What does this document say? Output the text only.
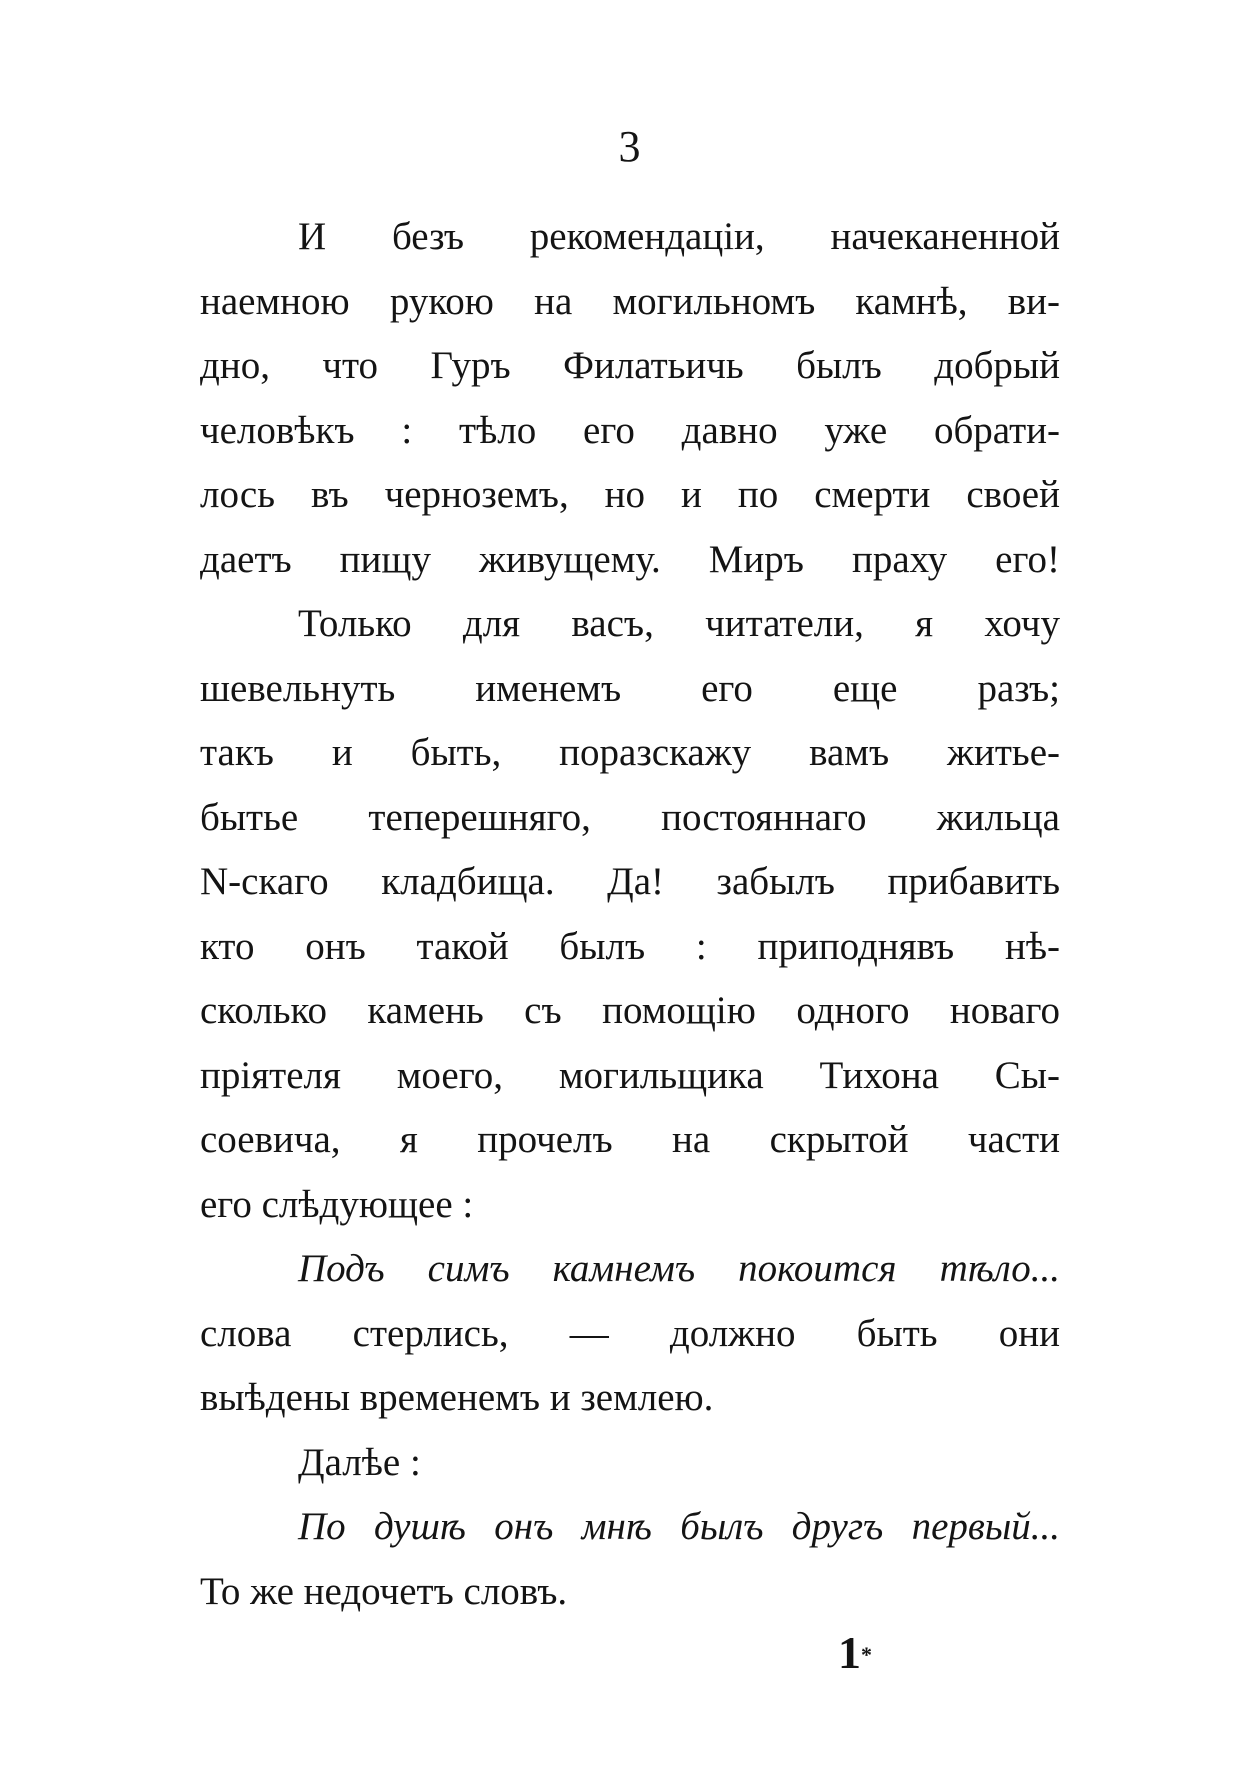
3
И безъ рекомендаціи, начеканенной
наемною рукою на могильномъ камнѣ, ви-
дно, что Гуръ Филатьичь былъ добрый
человѣкъ : тѣло его давно уже обрати-
лось въ черноземъ, но и по смерти своей
даетъ пищу живущему. Миръ праху его!
Только для васъ, читатели, я хочу
шевельнуть именемъ его еще разъ;
такъ и быть, поразскажу вамъ житье-
бытье теперешняго, постояннаго жильца
N-скаго кладбища. Да! забылъ прибавить
кто онъ такой былъ : приподнявъ нѣ-
сколько камень съ помощію одного новаго
пріятеля моего, могильщика Тихона Сы-
соевича, я прочелъ на скрытой части
его слѣдующее :
Подъ симъ камнемъ покоится тѣло...
слова стерлись, — должно быть они
выѣдены временемъ и землею.
Далѣе :
По душѣ онъ мнѣ былъ другъ первый...
То же недочетъ словъ.
1*
